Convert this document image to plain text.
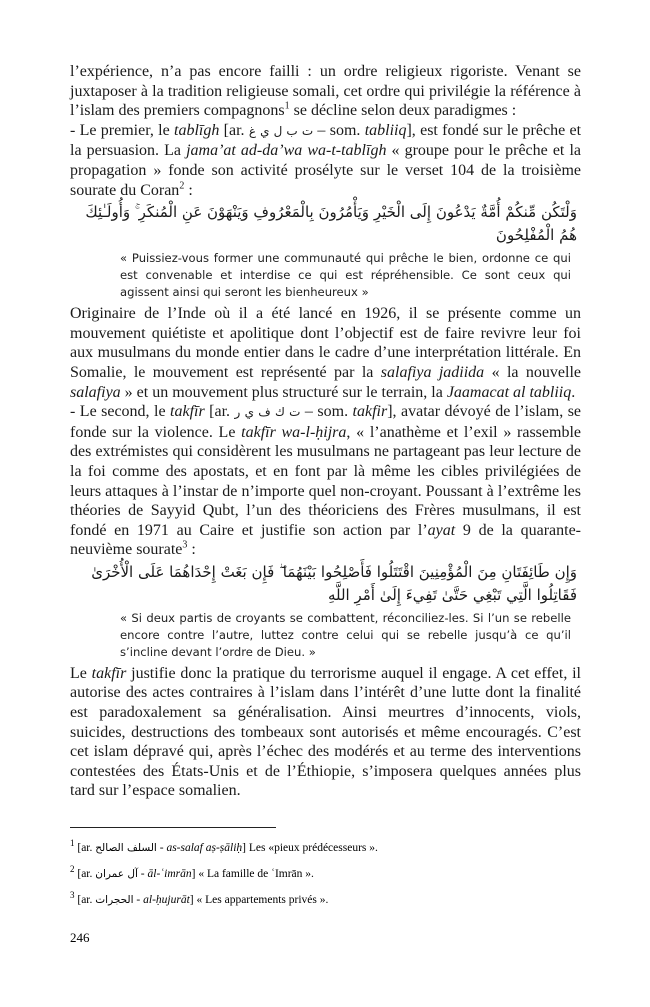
l’expérience, n’a pas encore failli : un ordre religieux rigoriste. Venant se juxtaposer à la tradition religieuse somali, cet ordre qui privilégie la référence à l’islam des premiers compagnons$^1$ se décline selon deux paradigmes :

- Le premier, le tablīgh [ar. ت ب ل ي غ – som. tabliiq], est fondé sur le prêche et la persuasion. La jama’at ad-da’wa wa-t-tablīgh « groupe pour le prêche et la propagation » fonde son activité prosélyte sur le verset 104 de la troisième sourate du Coran$^2$ :

وَلْتَكُن مِّنكُمْ أُمَّةٌ يَدْعُونَ إِلَى الْخَيْرِ وَيَأْمُرُونَ بِالْمَعْرُوفِ وَيَنْهَوْنَ عَنِ الْمُنكَرِ ۚ وَأُولَـٰئِكَ هُمُ الْمُفْلِحُونَ

« Puissiez-vous former une communauté qui prêche le bien, ordonne ce qui est convenable et interdise ce qui est répréhensible. Ce sont ceux qui agissent ainsi qui seront les bienheureux »

Originaire de l’Inde où il a été lancé en 1926, il se présente comme un mouvement quiétiste et apolitique dont l’objectif est de faire revivre leur foi aux musulmans du monde entier dans le cadre d’une interprétation littérale. En Somalie, le mouvement est représenté par la salafiya jadiida « la nouvelle salafiya » et un mouvement plus structuré sur le terrain, la Jaamacat al tabliiq.

- Le second, le takfīr [ar. ت ك ف ي ر – som. takfir], avatar dévoyé de l’islam, se fonde sur la violence. Le takfīr wa-l-ḥijra, « l’anathème et l’exil » rassemble des extrémistes qui considèrent les musulmans ne partageant pas leur lecture de la foi comme des apostats, et en font par là même les cibles privilégiées de leurs attaques à l’instar de n’importe quel non-croyant. Poussant à l’extrême les théories de Sayyid Qubt, l’un des théoriciens des Frères musulmans, il est fondé en 1971 au Caire et justifie son action par l’ayat 9 de la quarante-neuvième sourate$^3$ :

وَإِن طَائِفَتَانِ مِنَ الْمُؤْمِنِينَ اقْتَتَلُوا فَأَصْلِحُوا بَيْنَهُمَا ۖ فَإِن بَغَتْ إِحْدَاهُمَا عَلَى الْأُخْرَىٰ فَقَاتِلُوا الَّتِي تَبْغِي حَتَّىٰ تَفِيءَ إِلَىٰ أَمْرِ اللَّهِ

« Si deux partis de croyants se combattent, réconciliez-les. Si l’un se rebelle encore contre l’autre, luttez contre celui qui se rebelle jusqu’à ce qu’il s’incline devant l’ordre de Dieu. »

Le takfīr justifie donc la pratique du terrorisme auquel il engage. A cet effet, il autorise des actes contraires à l’islam dans l’intérêt d’une lutte dont la finalité est paradoxalement sa généralisation. Ainsi meurtres d’innocents, viols, suicides, destructions des tombeaux sont autorisés et même encouragés. C’est cet islam dépravé qui, après l’échec des modérés et au terme des interventions contestées des États-Unis et de l’Éthiopie, s’imposera quelques années plus tard sur l’espace somalien.

$^1$ [ar. السلف الصالح - as-salaf aṣ-ṣāliḥ] Les «pieux prédécesseurs ».

$^2$ [ar. آل عمران - āl-ʿimrān] « La famille de ʿImrān ».

$^3$ [ar. الحجرات - al-ḥujurāt] « Les appartements privés ».

246
